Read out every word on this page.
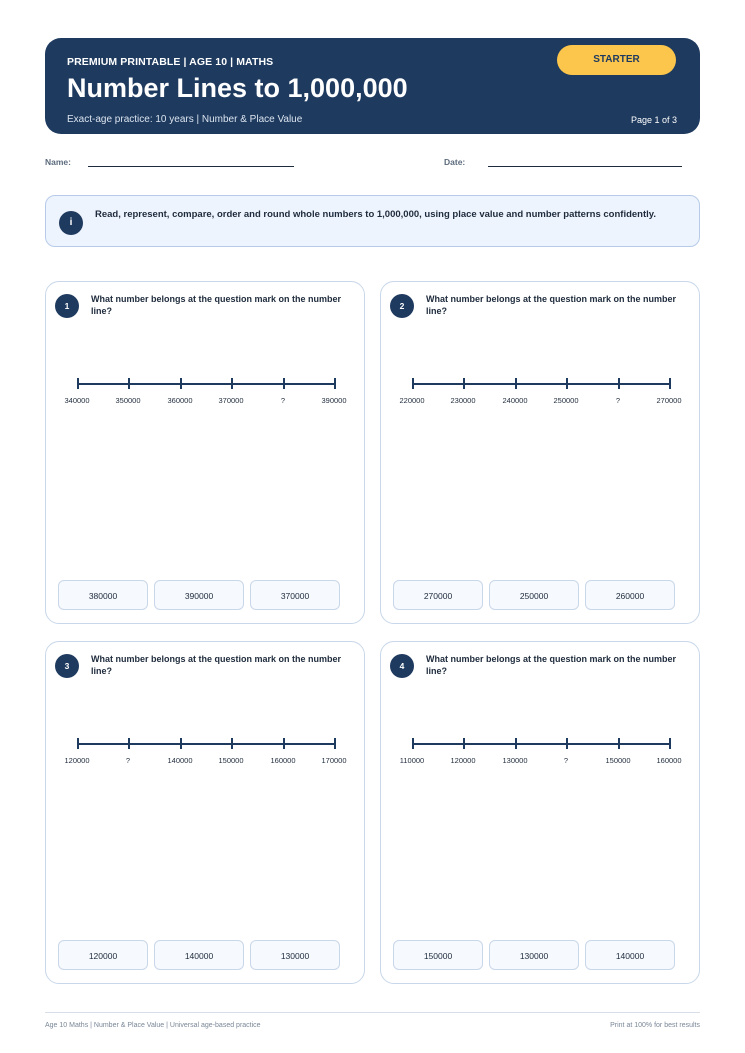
PREMIUM PRINTABLE | AGE 10 | MATHS
Number Lines to 1,000,000
Exact-age practice: 10 years | Number & Place Value	Page 1 of 3
STARTER
Name:	Date:
i
Read, represent, compare, order and round whole numbers to 1,000,000, using place value and number patterns confidently.
1
What number belongs at the question mark on the number line?
340000	350000	360000	370000	?	390000
380000	390000	370000
2
What number belongs at the question mark on the number line?
220000	230000	240000	250000	?	270000
270000	250000	260000
3
What number belongs at the question mark on the number line?
120000	?	140000	150000	160000	170000
120000	140000	130000
4
What number belongs at the question mark on the number line?
110000	120000	130000	?	150000	160000
150000	130000	140000
Age 10 Maths | Number & Place Value | Universal age-based practice	Print at 100% for best results
